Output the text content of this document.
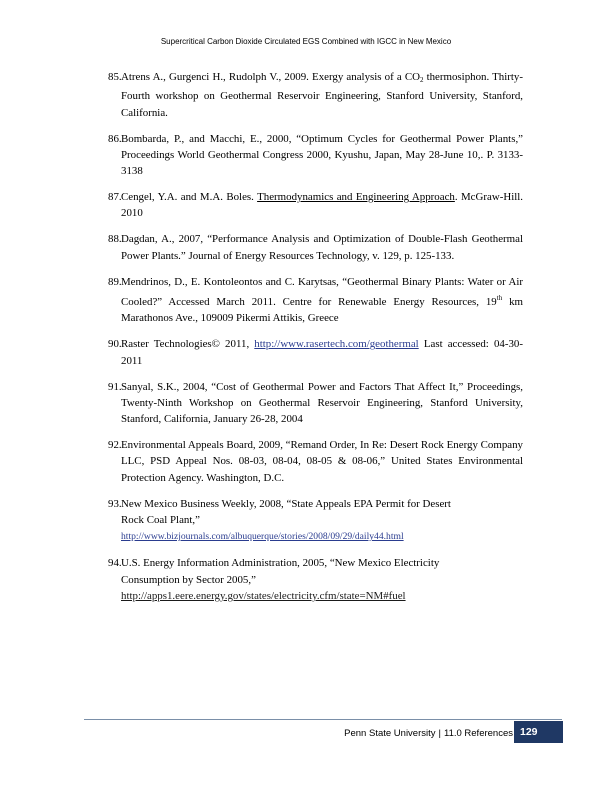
Supercritical Carbon Dioxide Circulated EGS Combined with IGCC in New Mexico
85. Atrens A., Gurgenci H., Rudolph V., 2009. Exergy analysis of a $CO_2$ thermosiphon. Thirty-Fourth workshop on Geothermal Reservoir Engineering, Stanford University, Stanford, California.
86. Bombarda, P., and Macchi, E., 2000, “Optimum Cycles for Geothermal Power Plants,” Proceedings World Geothermal Congress 2000, Kyushu, Japan, May 28-June 10,. P. 3133-3138
87. Cengel, Y.A. and M.A. Boles. Thermodynamics and Engineering Approach. McGraw-Hill. 2010
88. Dagdan, A., 2007, “Performance Analysis and Optimization of Double-Flash Geothermal Power Plants.” Journal of Energy Resources Technology, v. 129, p. 125-133.
89. Mendrinos, D., E. Kontoleontos and C. Karytsas, “Geothermal Binary Plants: Water or Air Cooled?” Accessed March 2011. Centre for Renewable Energy Resources, 19th km Marathonos Ave., 109009 Pikermi Attikis, Greece
90. Raster Technologies© 2011, http://www.rasertech.com/geothermal Last accessed: 04-30-2011
91. Sanyal, S.K., 2004, “Cost of Geothermal Power and Factors That Affect It,” Proceedings, Twenty-Ninth Workshop on Geothermal Reservoir Engineering, Stanford University, Stanford, California, January 26-28, 2004
92. Environmental Appeals Board, 2009, “Remand Order, In Re: Desert Rock Energy Company LLC, PSD Appeal Nos. 08-03, 08-04, 08-05 & 08-06,” United States Environmental Protection Agency. Washington, D.C.
93. New Mexico Business Weekly, 2008, “State Appeals EPA Permit for Desert
Rock Coal Plant,”
http://www.bizjournals.com/albuquerque/stories/2008/09/29/daily44.html
94. U.S. Energy Information Administration, 2005, “New Mexico Electricity
Consumption by Sector 2005,”
http://apps1.eere.energy.gov/states/electricity.cfm/state=NM#fuel
Penn State University | 11.0 References 129
